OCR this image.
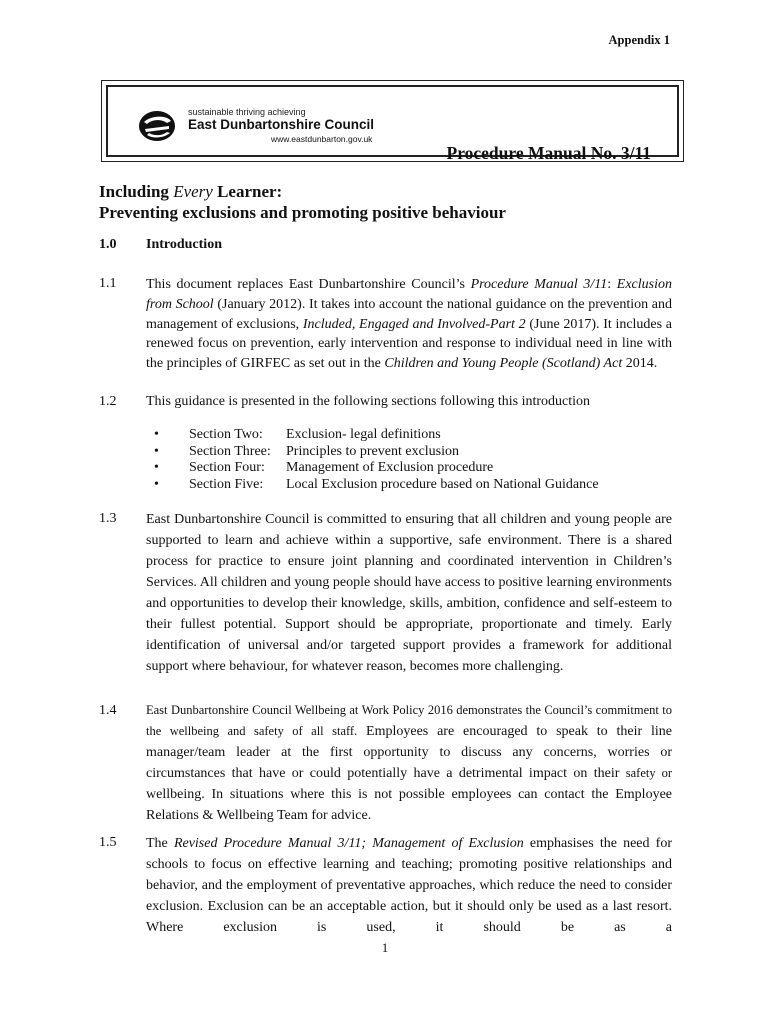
Appendix 1
sustainable thriving achieving
East Dunbartonshire Council
www.eastdunbarton.gov.uk
Procedure Manual No. 3/11
Including Every Learner:
Preventing exclusions and promoting positive behaviour
1.0 Introduction
1.1 This document replaces East Dunbartonshire Council’s Procedure Manual 3/11: Exclusion from School (January 2012). It takes into account the national guidance on the prevention and management of exclusions, Included, Engaged and Involved-Part 2 (June 2017). It includes a renewed focus on prevention, early intervention and response to individual need in line with the principles of GIRFEC as set out in the Children and Young People (Scotland) Act 2014.

1.2 This guidance is presented in the following sections following this introduction
• Section Two: Exclusion- legal definitions
• Section Three: Principles to prevent exclusion
• Section Four: Management of Exclusion procedure
• Section Five: Local Exclusion procedure based on National Guidance
1.3 East Dunbartonshire Council is committed to ensuring that all children and young people are supported to learn and achieve within a supportive, safe environment. There is a shared process for practice to ensure joint planning and coordinated intervention in Children’s Services. All children and young people should have access to positive learning environments and opportunities to develop their knowledge, skills, ambition, confidence and self-esteem to their fullest potential. Support should be appropriate, proportionate and timely. Early identification of universal and/or targeted support provides a framework for additional support where behaviour, for whatever reason, becomes more challenging.

1.4 East Dunbartonshire Council Wellbeing at Work Policy 2016 demonstrates the Council’s commitment to the wellbeing and safety of all staff. Employees are encouraged to speak to their line manager/team leader at the first opportunity to discuss any concerns, worries or circumstances that have or could potentially have a detrimental impact on their safety or wellbeing. In situations where this is not possible employees can contact the Employee Relations & Wellbeing Team for advice.

1.5 The Revised Procedure Manual 3/11; Management of Exclusion emphasises the need for schools to focus on effective learning and teaching; promoting positive relationships and behavior, and the employment of preventative approaches, which reduce the need to consider exclusion. Exclusion can be an acceptable action, but it should only be used as a last resort. Where exclusion is used, it should be as a

1
